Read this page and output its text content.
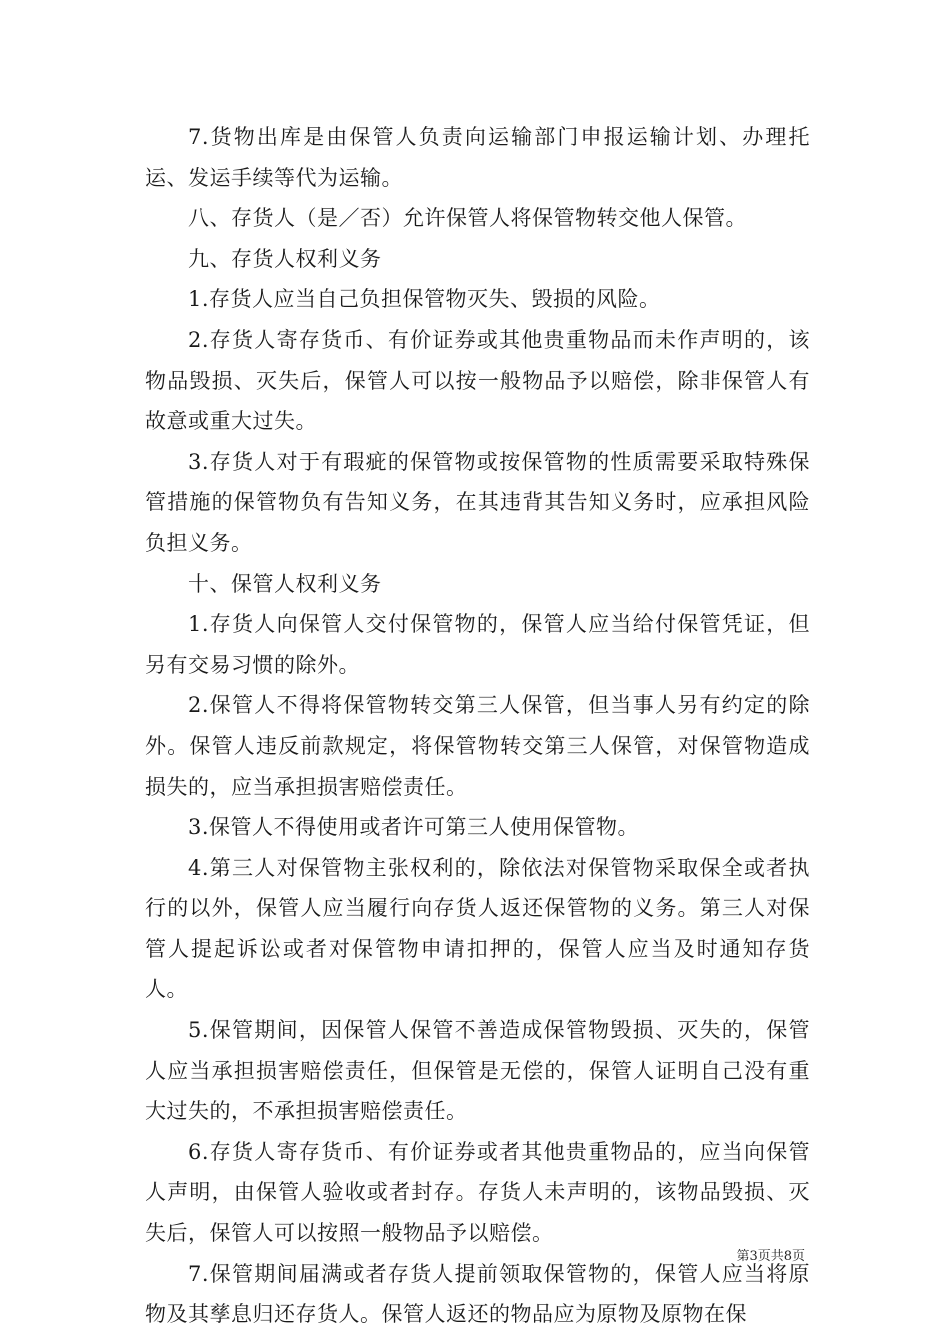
7.货物出库是由保管人负责向运输部门申报运输计划、办理托运、发运手续等代为运输。

八、存货人（是／否）允许保管人将保管物转交他人保管。

九、存货人权利义务

1.存货人应当自己负担保管物灭失、毁损的风险。

2.存货人寄存货币、有价证券或其他贵重物品而未作声明的，该物品毁损、灭失后，保管人可以按一般物品予以赔偿，除非保管人有故意或重大过失。

3.存货人对于有瑕疵的保管物或按保管物的性质需要采取特殊保管措施的保管物负有告知义务，在其违背其告知义务时，应承担风险负担义务。

十、保管人权利义务

1.存货人向保管人交付保管物的，保管人应当给付保管凭证，但另有交易习惯的除外。

2.保管人不得将保管物转交第三人保管，但当事人另有约定的除外。保管人违反前款规定，将保管物转交第三人保管，对保管物造成损失的，应当承担损害赔偿责任。

3.保管人不得使用或者许可第三人使用保管物。

4.第三人对保管物主张权利的，除依法对保管物采取保全或者执行的以外，保管人应当履行向存货人返还保管物的义务。第三人对保管人提起诉讼或者对保管物申请扣押的，保管人应当及时通知存货人。

5.保管期间，因保管人保管不善造成保管物毁损、灭失的，保管人应当承担损害赔偿责任，但保管是无偿的，保管人证明自己没有重大过失的，不承担损害赔偿责任。

6.存货人寄存货币、有价证券或者其他贵重物品的，应当向保管人声明，由保管人验收或者封存。存货人未声明的，该物品毁损、灭失后，保管人可以按照一般物品予以赔偿。

7.保管期间届满或者存货人提前领取保管物的，保管人应当将原物及其孳息归还存货人。保管人返还的物品应为原物及原物在保

第3页共8页
